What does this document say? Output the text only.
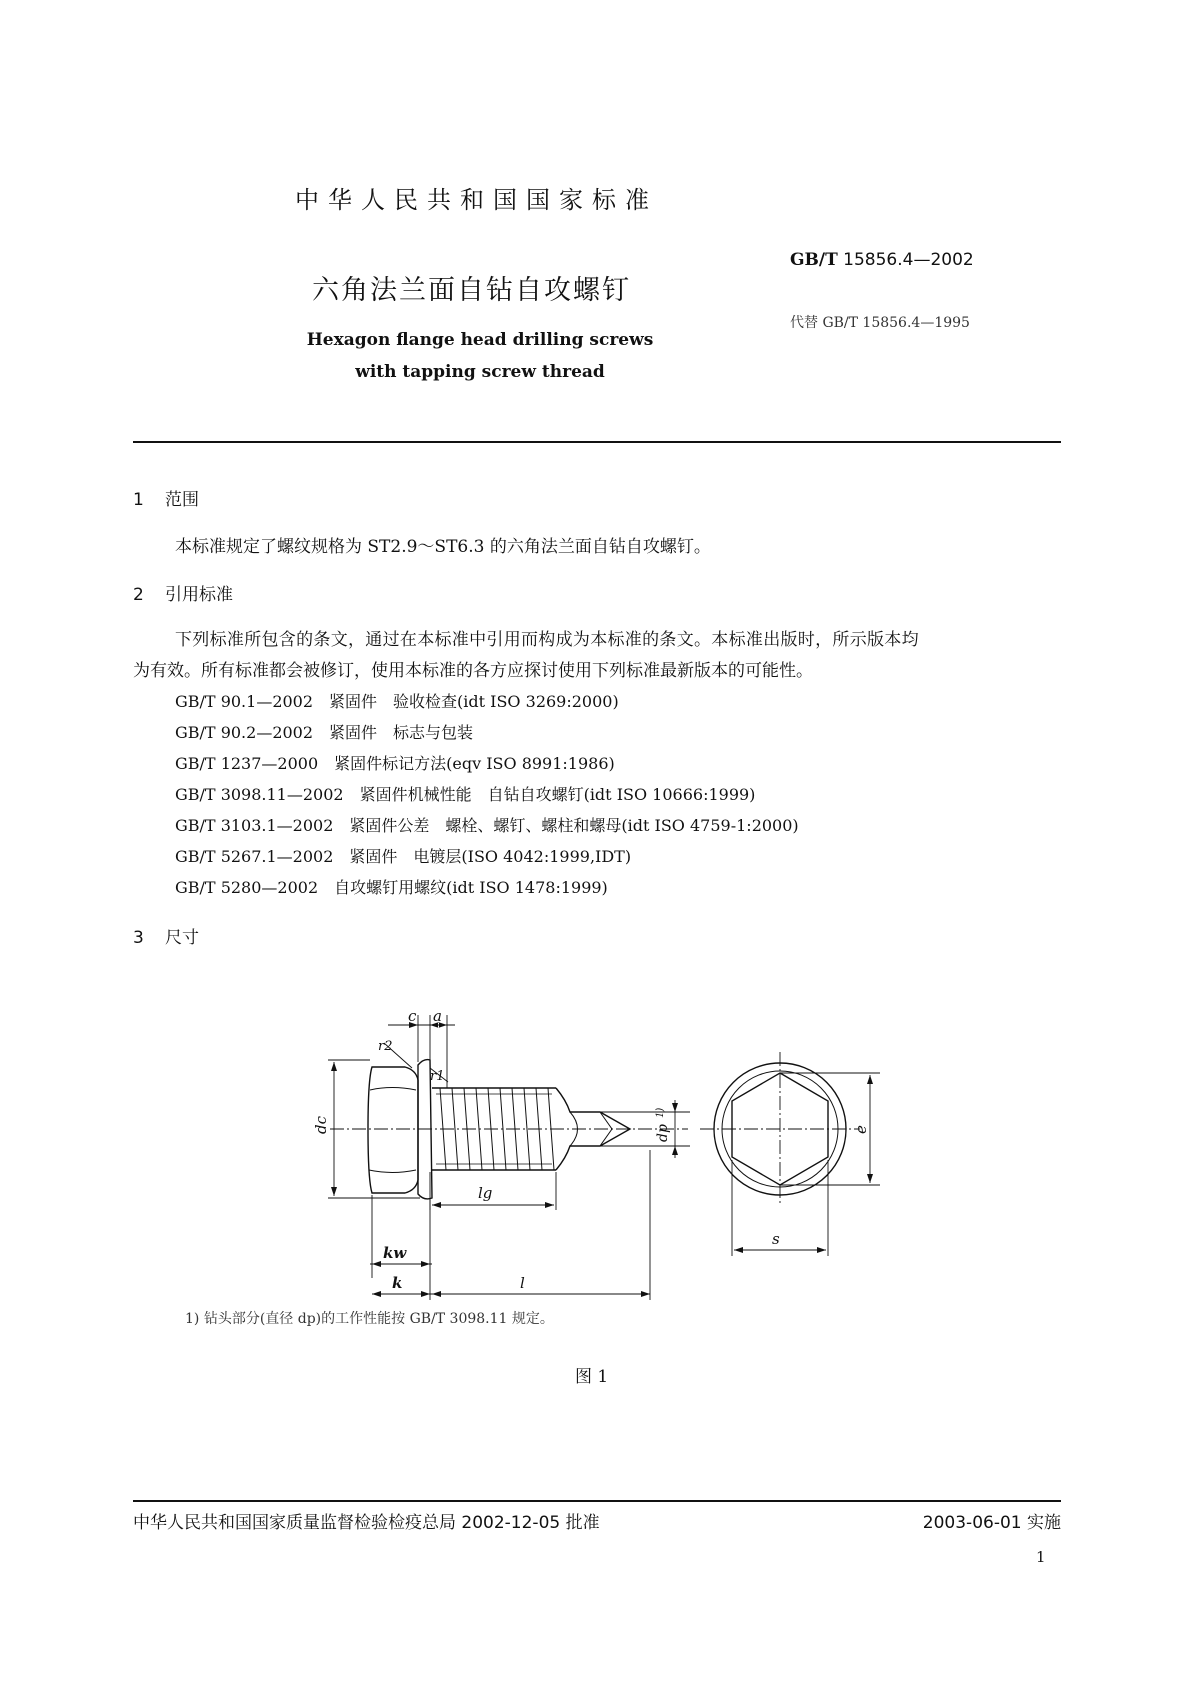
中华人民共和国国家标准
六角法兰面自钻自攻螺钉
Hexagon flange head drilling screws
with tapping screw thread
GB/T 15856.4—2002
代替 GB/T 15856.4—1995
1 范围
本标准规定了螺纹规格为 ST2.9～ST6.3 的六角法兰面自钻自攻螺钉。
2 引用标准
下列标准所包含的条文，通过在本标准中引用而构成为本标准的条文。本标准出版时，所示版本均
为有效。所有标准都会被修订，使用本标准的各方应探讨使用下列标准最新版本的可能性。
GB/T 90.1—2002　紧固件　验收检查(idt ISO 3269:2000)
GB/T 90.2—2002　紧固件　标志与包装
GB/T 1237—2000　紧固件标记方法(eqv ISO 8991:1986)
GB/T 3098.11—2002　紧固件机械性能　自钻自攻螺钉(idt ISO 10666:1999)
GB/T 3103.1—2002　紧固件公差　螺栓、螺钉、螺柱和螺母(idt ISO 4759-1:2000)
GB/T 5267.1—2002　紧固件　电镀层(ISO 4042:1999,IDT)
GB/T 5280—2002　自攻螺钉用螺纹(idt ISO 1478:1999)
3 尺寸
c a
r2
r1
dc	dp
1)
lg
kw
k	l
e
s
1) 钻头部分(直径 dp)的工作性能按 GB/T 3098.11 规定。
图 1
中华人民共和国国家质量监督检验检疫总局 2002-12-05 批准	2003-06-01 实施
1
